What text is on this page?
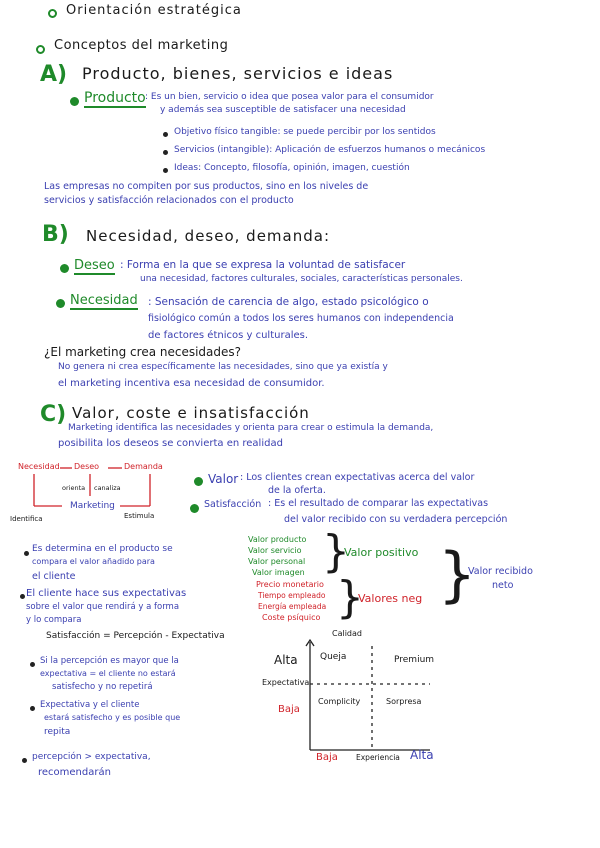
Orientación estratégica
Conceptos del marketing
A) Producto, bienes, servicios e ideas
Producto : Es un bien, servicio o idea que posea valor para el consumidor
y además sea susceptible de satisfacer una necesidad
Objetivo físico tangible: se puede percibir por los sentidos
Servicios (intangible): Aplicación de esfuerzos humanos o mecánicos
Ideas: Concepto, filosofía, opinión, imagen, cuestión
Las empresas no compiten por sus productos, sino en los niveles de
servicios y satisfacción relacionados con el producto
B) Necesidad, deseo, demanda:
Deseo : Forma en la que se expresa la voluntad de satisfacer
una necesidad, factores culturales, sociales, características personales.
Necesidad : Sensación de carencia de algo, estado psicológico o
fisiológico común a todos los seres humanos con independencia
de factores étnicos y culturales.
¿El marketing crea necesidades?
No genera ni crea específicamente las necesidades, sino que ya existía y
el marketing incentiva esa necesidad de consumidor.
C) Valor, coste e insatisfacción
Marketing identifica las necesidades y orienta para crear o estimula la demanda,
posibilita los deseos se convierta en realidad
Necesidad Deseo	Demanda
orienta canaliza
Marketing
Identifica	Estimula
Valor : Los clientes crean expectativas acerca del valor
de la oferta.
Satisfacción : Es el resultado de comparar las expectativas
del valor recibido con su verdadera percepción
Es determina en el producto se
compara el valor añadido para
el cliente
El cliente hace sus expectativas
sobre el valor que rendirá y a forma
y lo compara
Satisfacción = Percepción - Expectativa
Si la percepción es mayor que la
expectativa = el cliente no estará
satisfecho y no repetirá
Expectativa y el cliente
estará satisfecho y es posible que
repita
percepción > expectativa,
recomendarán
Valor producto
Valor servicio
Valor personal
Valor imagen }
Valor positivo
Precio monetario
Tiempo empleado
Energía empleada
Coste psíquico }
Valores neg }
Valor recibido
neto
Calidad
Alta
Expectativa
Baja
Queja	Premium
Complicity	Sorpresa
Baja Experiencia Alta
